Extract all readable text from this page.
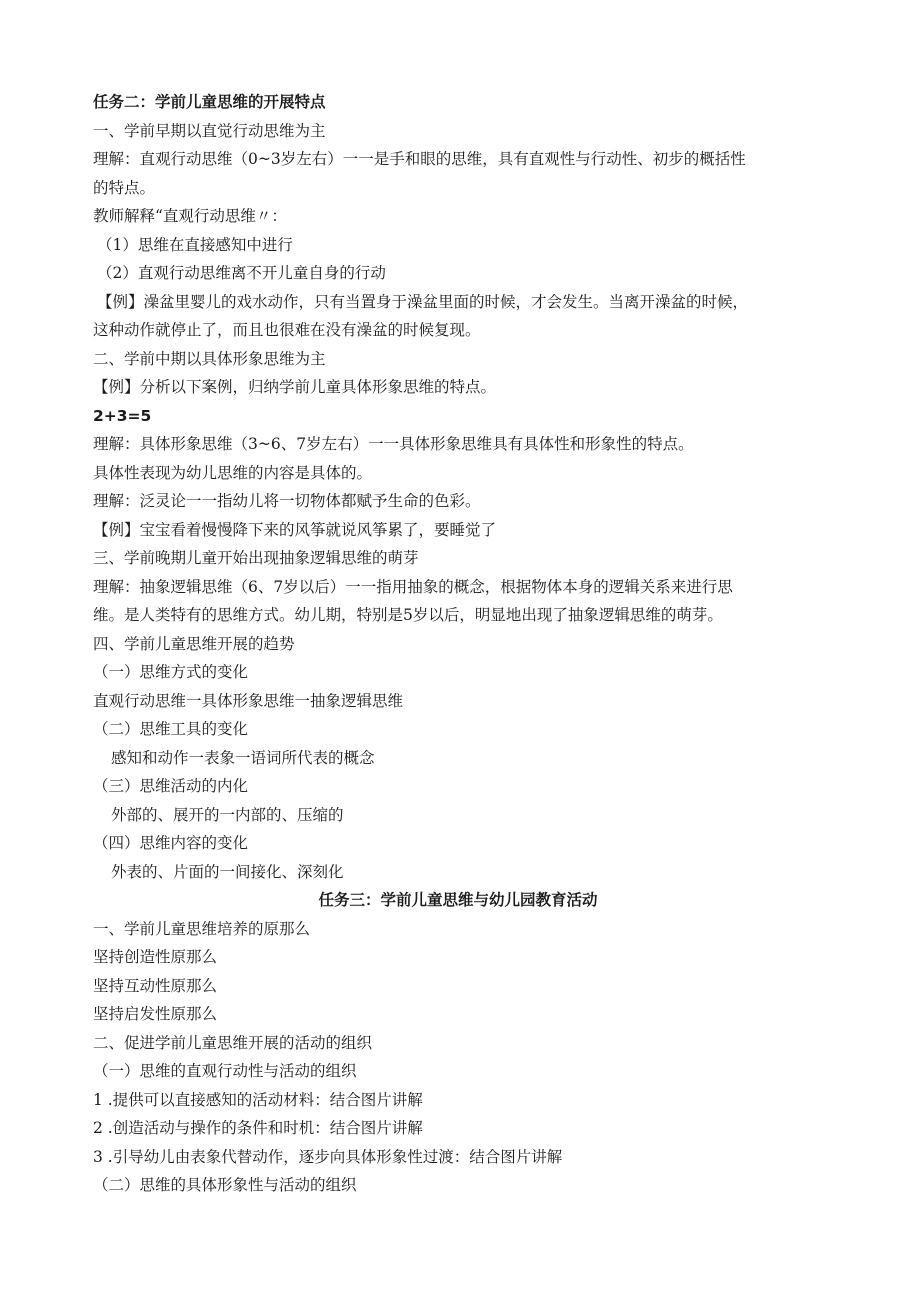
任务二：学前儿童思维的开展特点
一、学前早期以直觉行动思维为主
理解：直观行动思维（0~3岁左右）一一是手和眼的思维，具有直观性与行动性、初步的概括性
的特点。
教师解释“直观行动思维〃：
（1）思维在直接感知中进行
（2）直观行动思维离不开儿童自身的行动
【例】澡盆里婴儿的戏水动作，只有当置身于澡盆里面的时候，才会发生。当离开澡盆的时候，
这种动作就停止了，而且也很难在没有澡盆的时候复现。
二、学前中期以具体形象思维为主
【例】分析以下案例，归纳学前儿童具体形象思维的特点。
2+3=5
理解：具体形象思维（3~6、7岁左右）一一具体形象思维具有具体性和形象性的特点。
具体性表现为幼儿思维的内容是具体的。
理解：泛灵论一一指幼儿将一切物体都赋予生命的色彩。
【例】宝宝看着慢慢降下来的风筝就说风筝累了，要睡觉了
三、学前晚期儿童开始出现抽象逻辑思维的萌芽
理解：抽象逻辑思维（6、7岁以后）一一指用抽象的概念，根据物体本身的逻辑关系来进行思
维。是人类特有的思维方式。幼儿期，特别是5岁以后，明显地出现了抽象逻辑思维的萌芽。
四、学前儿童思维开展的趋势
（一）思维方式的变化
直观行动思维一具体形象思维一抽象逻辑思维
（二）思维工具的变化
感知和动作一表象一语词所代表的概念
（三）思维活动的内化
外部的、展开的一内部的、压缩的
（四）思维内容的变化
外表的、片面的一间接化、深刻化
任务三：学前儿童思维与幼儿园教育活动
一、学前儿童思维培养的原那么
坚持创造性原那么
坚持互动性原那么
坚持启发性原那么
二、促进学前儿童思维开展的活动的组织
（一）思维的直观行动性与活动的组织
1 .提供可以直接感知的活动材料：结合图片讲解
2 .创造活动与操作的条件和时机：结合图片讲解
3 .引导幼儿由表象代替动作，逐步向具体形象性过渡：结合图片讲解
（二）思维的具体形象性与活动的组织
